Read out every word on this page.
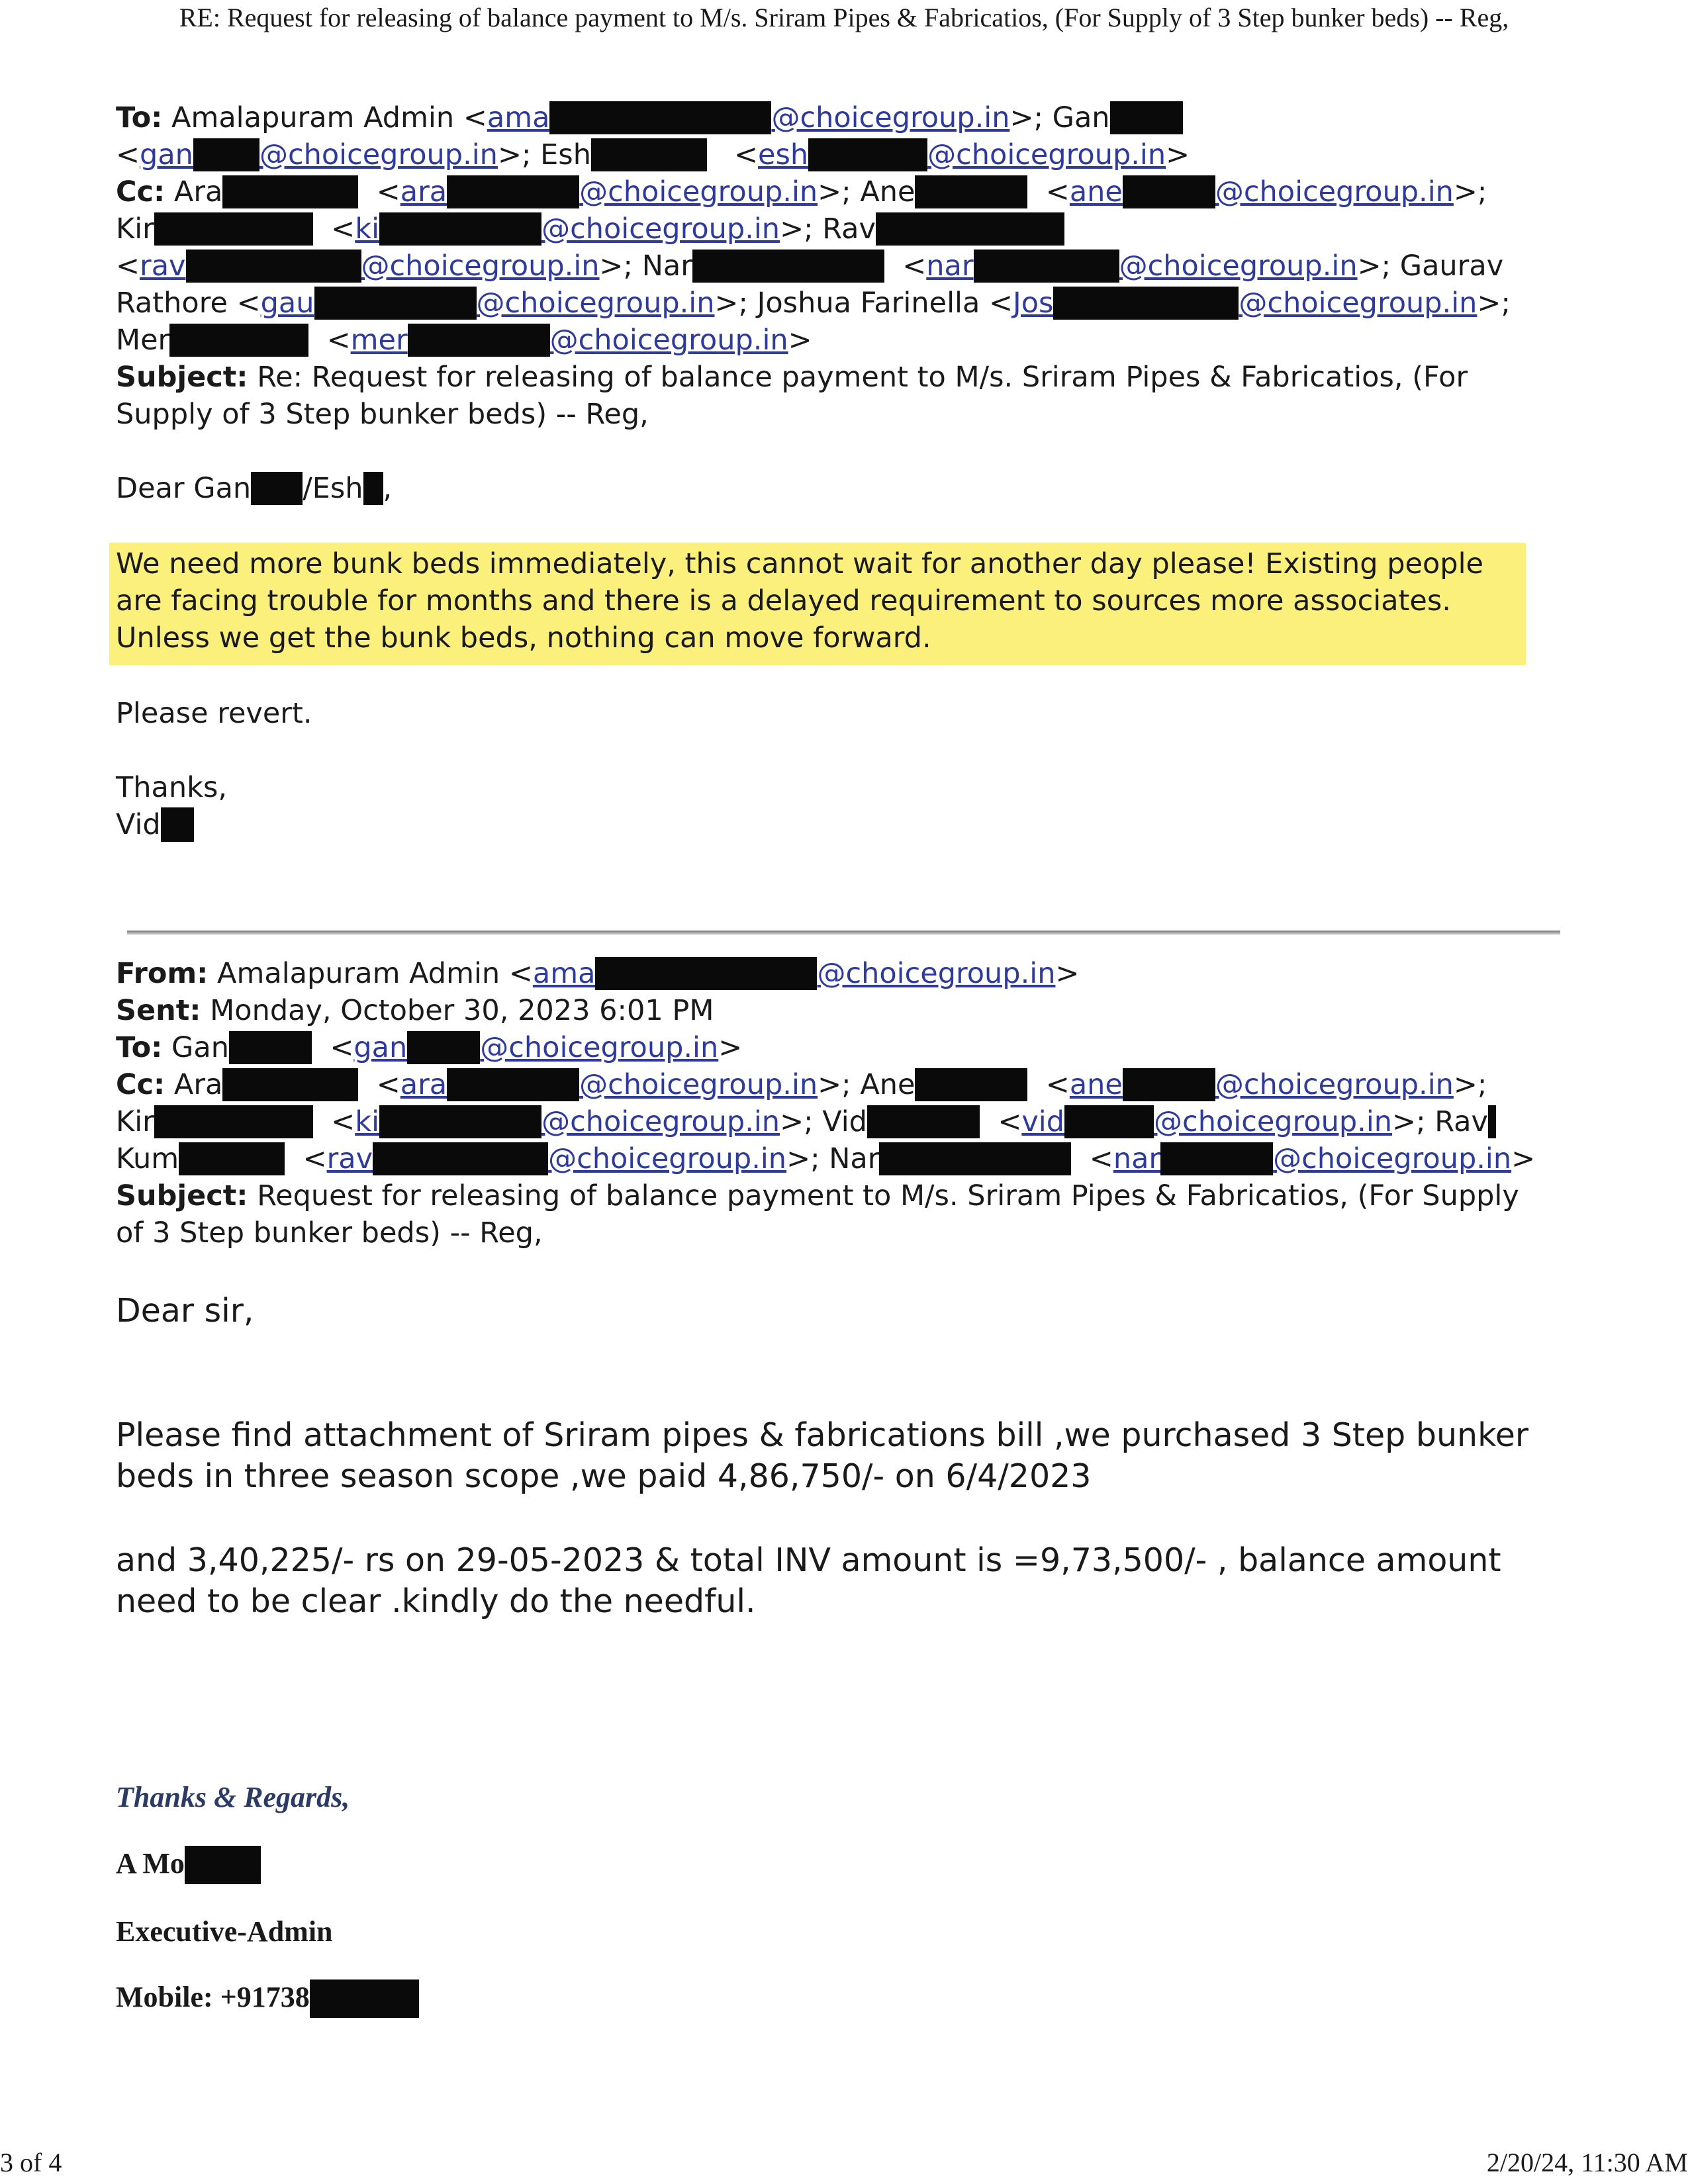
RE: Request for releasing of balance payment to M/s. Sriram Pipes & Fabricatios, (For Supply of 3 Step bunker beds) -- Reg,
To: Amalapuram Admin <ama	@choicegroup.in>; Gan
<gan @choicegroup.in>; Esh	<esh	@choicegroup.in>
Cc: Ara	<ara	@choicegroup.in>; Ane	<ane	@choicegroup.in>;
Kir	<ki	@choicegroup.in>; Rav
<rav	@choicegroup.in>; Nar	<nar	@choicegroup.in>; Gaurav
Rathore <gau	@choicegroup.in>; Joshua Farinella <Jos	@choicegroup.in>;
Mer	<mer	@choicegroup.in>
Subject: Re: Request for releasing of balance payment to M/s. Sriram Pipes & Fabricatios, (For
Supply of 3 Step bunker beds) -- Reg,
Dear Gan /Esh ,
We need more bunk beds immediately, this cannot wait for another day please! Existing people
are facing trouble for months and there is a delayed requirement to sources more associates.
Unless we get the bunk beds, nothing can move forward.
Please revert.
Thanks,
Vid
From: Amalapuram Admin <ama	@choicegroup.in>
Sent: Monday, October 30, 2023 6:01 PM
To: Gan	<gan	@choicegroup.in>
Cc: Ara	<ara	@choicegroup.in>; Ane	<ane	@choicegroup.in>;
Kir	<ki	@choicegroup.in>; Vid	<vid	@choicegroup.in>; Rav
Kum	<rav	@choicegroup.in>; Nar	<nar	@choicegroup.in>
Subject: Request for releasing of balance payment to M/s. Sriram Pipes & Fabricatios, (For Supply
of 3 Step bunker beds) -- Reg,
Dear sir,
Please find attachment of Sriram pipes & fabrications bill ,we purchased 3 Step bunker
beds in three season scope ,we paid 4,86,750/- on 6/4/2023
and 3,40,225/- rs on 29-05-2023 & total INV amount is =9,73,500/- , balance amount
need to be clear .kindly do the needful.
Thanks & Regards,
A Mo
Executive-Admin
Mobile: +91738
3 of 4	2/20/24, 11:30 AM
